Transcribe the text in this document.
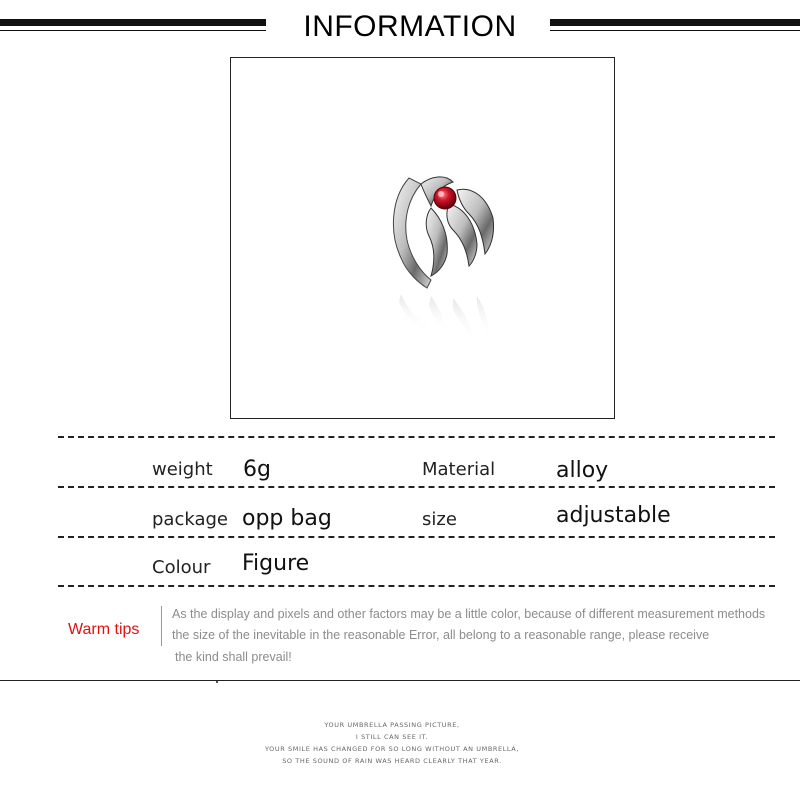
INFORMATION
weight 6g	Material	alloy
package opp bag	size	adjustable
Colour Figure
Warm tips
As the display and pixels and other factors may be a little color, because of different measurement methods
the size of the inevitable in the reasonable Error, all belong to a reasonable range, please receive
the kind shall prevail!
YOUR UMBRELLA PASSING PICTURE,
I STILL CAN SEE IT.
YOUR SMILE HAS CHANGED FOR SO LONG WITHOUT AN UMBRELLA,
SO THE SOUND OF RAIN WAS HEARD CLEARLY THAT YEAR.
